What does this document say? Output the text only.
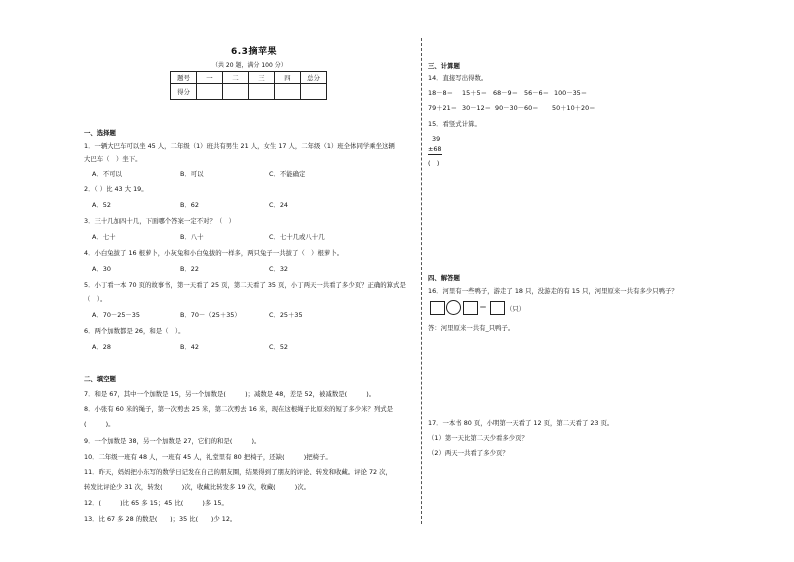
6.3摘苹果
（共 20 题，满分 100 分）
题号	一	二	三	四	总分
得分					
一、选择题
1．一辆大巴车可以坐 45 人，二年级（1）班共有男生 21 人，女生 17 人，二年级（1）班全体同学乘坐这辆
大巴车（　）坐下。
A．不可以	B．可以	C．不能确定
2．（ ）比 43 大 19。
A．52	B．62	C．24
3．三十几加四十几，下面哪个答案一定不对？（　）
A．七十	B．八十	C．七十几或八十几
4．小白兔拔了 16 根萝卜，小灰兔和小白兔拔的一样多，两只兔子一共拔了（　）根萝卜。
A．30	B．22	C．32
5．小丁看一本 70 页的故事书，第一天看了 25 页，第二天看了 35 页，小丁两天一共看了多少页？正确的算式是
（　）。
A．70－25－35	B．70－（25＋35）	C．25＋35
6．两个加数都是 26，和是（　）。
A．28	B．42	C．52
二、填空题
7．和是 67，其中一个加数是 15，另一个加数是(　　　)；减数是 48，差是 52，被减数是(　　　)。
8．小张有 60 米的绳子，第一次剪去 25 米，第二次剪去 16 米，现在这根绳子比原来的短了多少米？列式是
(　　　)。
9．一个加数是 38，另一个加数是 27，它们的和是(　　　)。
10．二年级一班有 48 人，一班有 45 人，礼堂里有 80 把椅子，还缺(　　　)把椅子。
11．昨天，妈妈把小东写的数学日记发在自己的朋友圈，结果得到了朋友的评论、转发和收藏。评论 72 次，
转发比评论少 31 次，转发(　　　)次，收藏比转发多 19 次，收藏(　　　)次。
12．(　　　)比 65 多 15；45 比(　　　)多 15。
13．比 67 多 28 的数是(　　)；35 比(　　)少 12。
三、计算题
14．直接写出得数。
18－8＝ 15＋5＝ 68－9＝ 56－6＝ 100－35＝
79＋21＝ 30－12＝ 90－30－60＝ 50＋10＋20＝
15．看竖式计算。
39
±68
(　)
四、解答题
16．河里有一些鸭子，游走了 18 只，没游走的有 15 只，河里原来一共有多少只鸭子？
＝	（只）
答：河里原来一共有_只鸭子。
17．一本书 80 页，小明第一天看了 12 页，第二天看了 23 页。
（1）第一天比第二天少看多少页？
（2）两天一共看了多少页？
